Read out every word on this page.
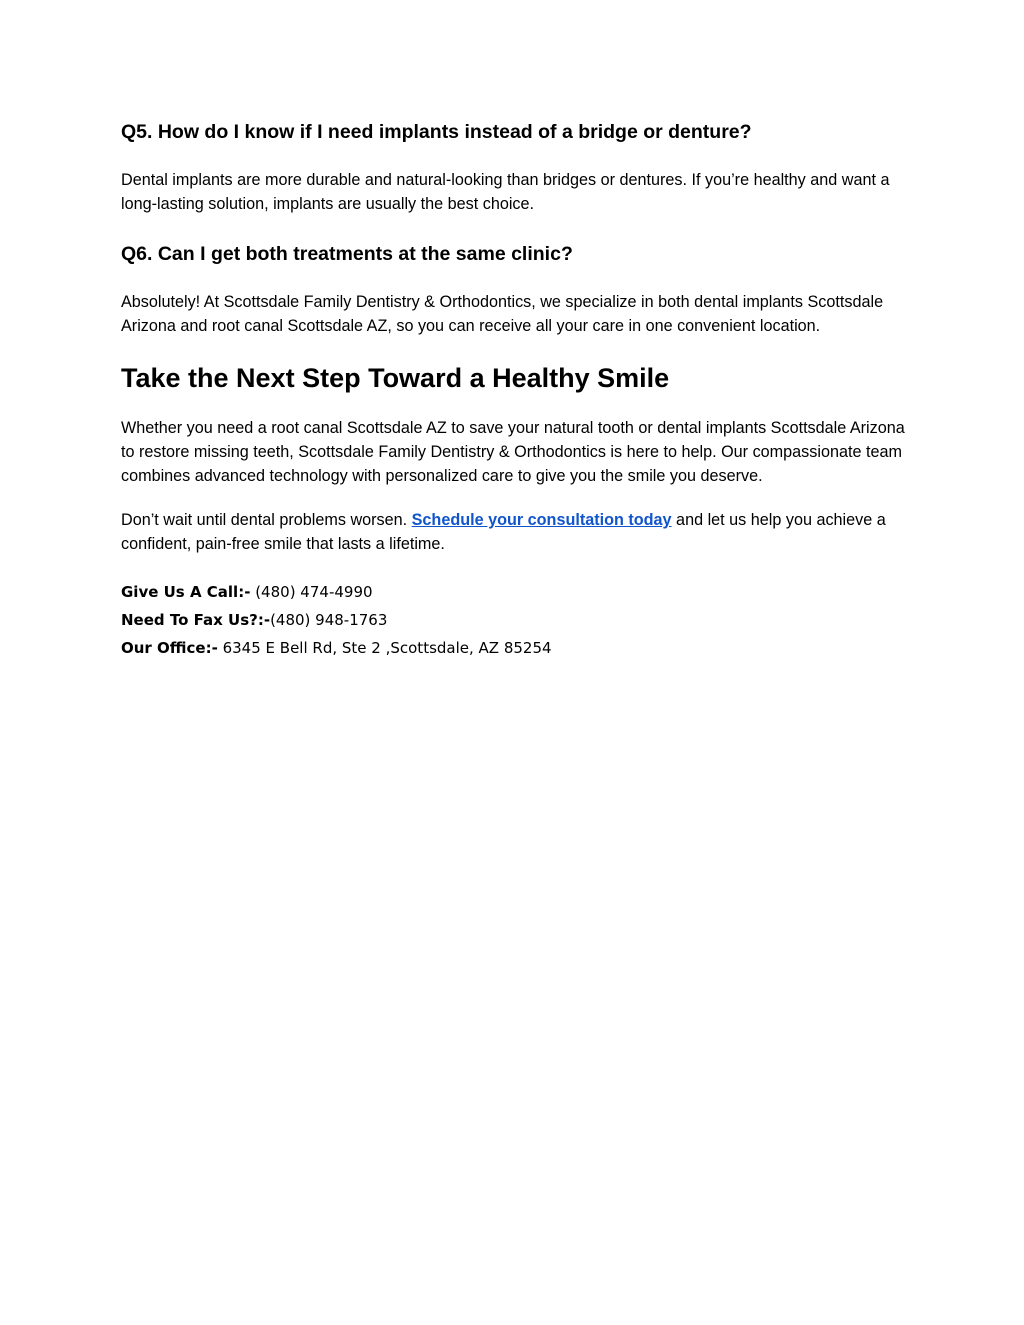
Q5. How do I know if I need implants instead of a bridge or denture?

Dental implants are more durable and natural-looking than bridges or dentures. If you’re healthy and want a long-lasting solution, implants are usually the best choice.

Q6. Can I get both treatments at the same clinic?

Absolutely! At Scottsdale Family Dentistry & Orthodontics, we specialize in both dental implants Scottsdale Arizona and root canal Scottsdale AZ, so you can receive all your care in one convenient location.

Take the Next Step Toward a Healthy Smile

Whether you need a root canal Scottsdale AZ to save your natural tooth or dental implants Scottsdale Arizona to restore missing teeth, Scottsdale Family Dentistry & Orthodontics is here to help. Our compassionate team combines advanced technology with personalized care to give you the smile you deserve.

Don’t wait until dental problems worsen. Schedule your consultation today and let us help you achieve a confident, pain-free smile that lasts a lifetime.

Give Us A Call:- (480) 474-4990

Need To Fax Us?:-(480) 948-1763

Our Office:- 6345 E Bell Rd, Ste 2 ,Scottsdale, AZ 85254
